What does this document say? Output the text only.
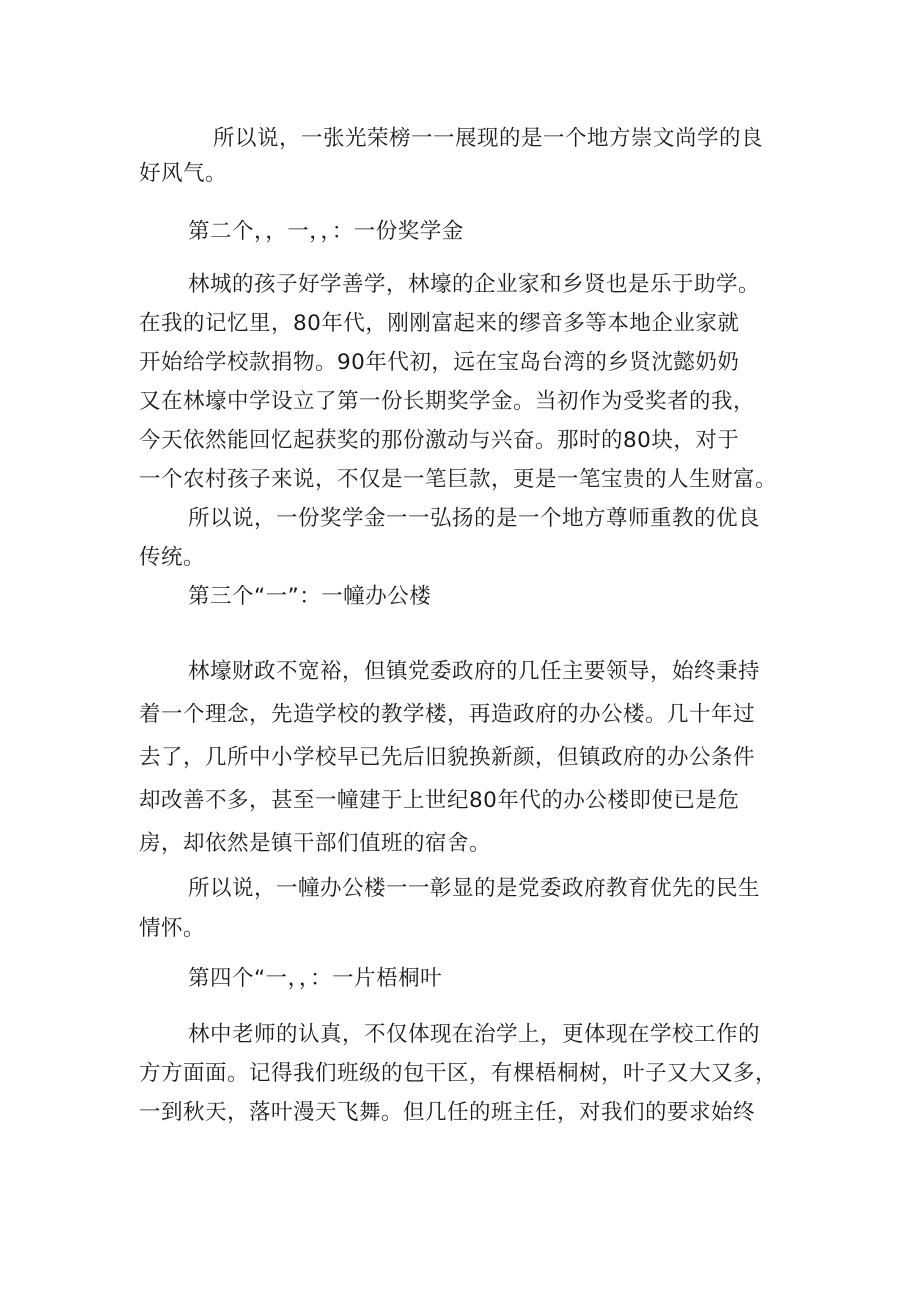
所以说，一张光荣榜一一展现的是一个地方崇文尚学的良
好风气。
第二个，，一，，：一份奖学金
林城的孩子好学善学，林壕的企业家和乡贤也是乐于助学。
在我的记忆里，80年代，刚刚富起来的缪音多等本地企业家就
开始给学校款捐物。90年代初，远在宝岛台湾的乡贤沈懿奶奶
又在林壕中学设立了第一份长期奖学金。当初作为受奖者的我，
今天依然能回忆起获奖的那份激动与兴奋。那时的80块，对于
一个农村孩子来说，不仅是一笔巨款，更是一笔宝贵的人生财富。
所以说，一份奖学金一一弘扬的是一个地方尊师重教的优良
传统。
第三个“一”：一幢办公楼
林壕财政不宽裕，但镇党委政府的几任主要领导，始终秉持
着一个理念，先造学校的教学楼，再造政府的办公楼。几十年过
去了，几所中小学校早已先后旧貌换新颜，但镇政府的办公条件
却改善不多，甚至一幢建于上世纪80年代的办公楼即使已是危
房，却依然是镇干部们值班的宿舍。
所以说，一幢办公楼一一彰显的是党委政府教育优先的民生
情怀。
第四个“一，，：一片梧桐叶
林中老师的认真，不仅体现在治学上，更体现在学校工作的
方方面面。记得我们班级的包干区，有棵梧桐树，叶子又大又多，
一到秋天，落叶漫天飞舞。但几任的班主任，对我们的要求始终
